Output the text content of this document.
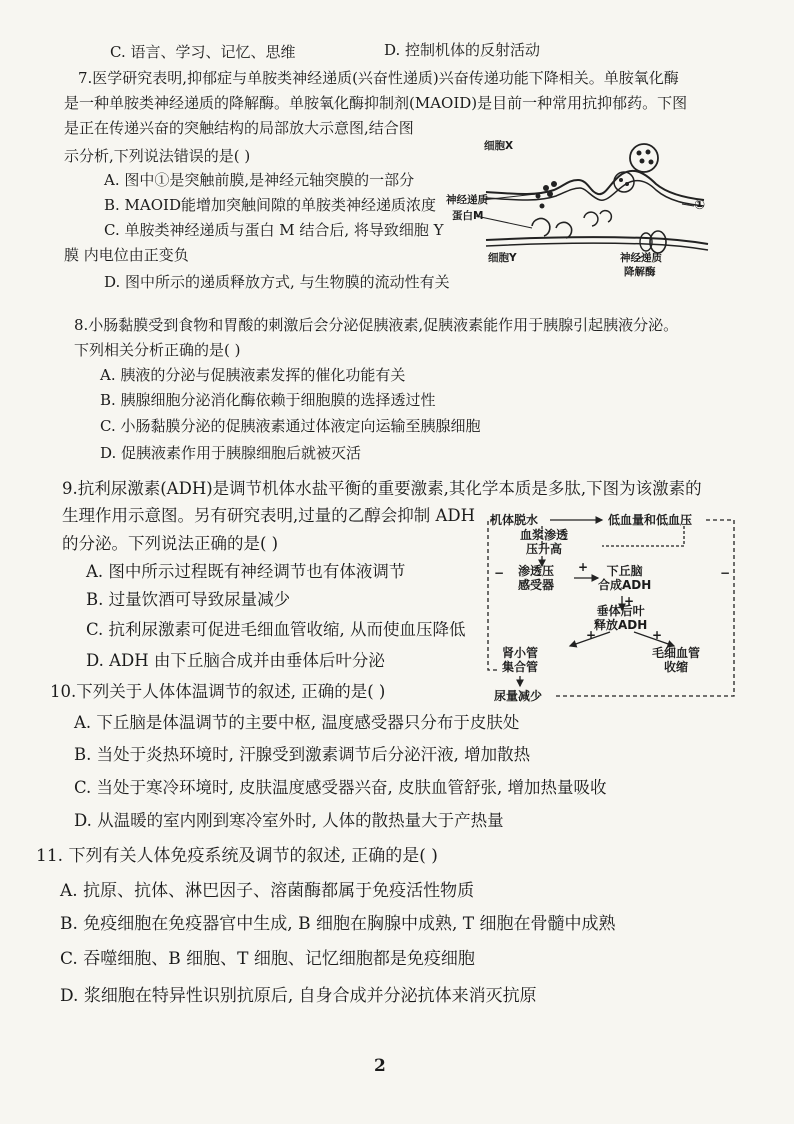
C. 语言、学习、记忆、思维	D. 控制机体的反射活动
7.医学研究表明,抑郁症与单胺类神经递质(兴奋性递质)兴奋传递功能下降相关。单胺氧化酶
是一种单胺类神经递质的降解酶。单胺氧化酶抑制剂(MAOID)是目前一种常用抗抑郁药。下图
是正在传递兴奋的突触结构的局部放大示意图,结合图
示分析,下列说法错误的是( )
A. 图中①是突触前膜,是神经元轴突膜的一部分
B. MAOID能增加突触间隙的单胺类神经递质浓度
C. 单胺类神经递质与蛋白 M 结合后, 将导致细胞 Y
膜 内电位由正变负
D. 图中所示的递质释放方式, 与生物膜的流动性有关
细胞X
神经递质
蛋白M
细胞Y	神经递质
降解酶
①
8.小肠黏膜受到食物和胃酸的刺激后会分泌促胰液素,促胰液素能作用于胰腺引起胰液分泌。
下列相关分析正确的是( )
A. 胰液的分泌与促胰液素发挥的催化功能有关
B. 胰腺细胞分泌消化酶依赖于细胞膜的选择透过性
C. 小肠黏膜分泌的促胰液素通过体液定向运输至胰腺细胞
D. 促胰液素作用于胰腺细胞后就被灭活
9.抗利尿激素(ADH)是调节机体水盐平衡的重要激素,其化学本质是多肽,下图为该激素的
生理作用示意图。另有研究表明,过量的乙醇会抑制 ADH
的分泌。下列说法正确的是( )
A. 图中所示过程既有神经调节也有体液调节
B. 过量饮酒可导致尿量减少
C. 抗利尿激素可促进毛细血管收缩, 从而使血压降低
D. ADH 由下丘脑合成并由垂体后叶分泌
机体脱水	低血量和低血压
血浆渗透
压升高
渗透压
感受器
下丘脑
合成ADH
垂体后叶
释放ADH
肾小管
集合管
毛细血管
收缩
尿量减少
+
+
+	+
−	−
10.下列关于人体体温调节的叙述, 正确的是( )
A. 下丘脑是体温调节的主要中枢, 温度感受器只分布于皮肤处
B. 当处于炎热环境时, 汗腺受到激素调节后分泌汗液, 增加散热
C. 当处于寒冷环境时, 皮肤温度感受器兴奋, 皮肤血管舒张, 增加热量吸收
D. 从温暖的室内刚到寒冷室外时, 人体的散热量大于产热量
11. 下列有关人体免疫系统及调节的叙述, 正确的是( )
A. 抗原、抗体、淋巴因子、溶菌酶都属于免疫活性物质
B. 免疫细胞在免疫器官中生成, B 细胞在胸腺中成熟, T 细胞在骨髓中成熟
C. 吞噬细胞、B 细胞、T 细胞、记忆细胞都是免疫细胞
D. 浆细胞在特异性识别抗原后, 自身合成并分泌抗体来消灭抗原
2
